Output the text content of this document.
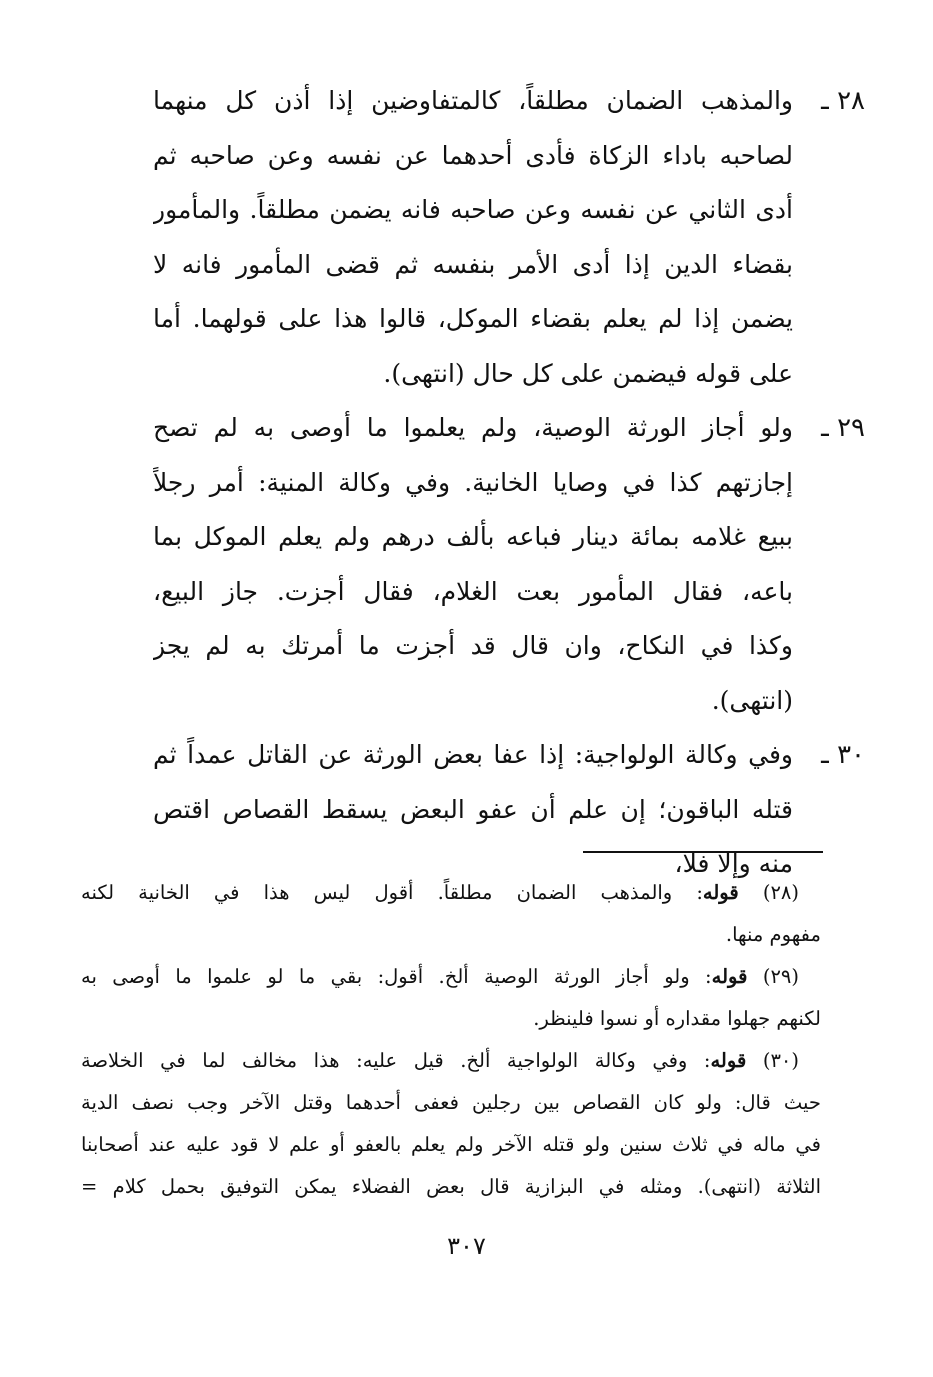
٢٨ ـ
والمذهب الضمان مطلقاً، كالمتفاوضين إذا أذن كل منهما
لصاحبه باداء الزكاة فأدى أحدهما عن نفسه وعن صاحبه ثم
أدى الثاني عن نفسه وعن صاحبه فانه يضمن مطلقاً. والمأمور
بقضاء الدين إذا أدى الأمر بنفسه ثم قضى المأمور فانه لا
يضمن إذا لم يعلم بقضاء الموكل، قالوا هذا على قولهما. أما
على قوله فيضمن على كل حال (انتهى).
٢٩ ـ
ولو أجاز الورثة الوصية، ولم يعلموا ما أوصى به لم تصح
إجازتهم كذا في وصايا الخانية. وفي وكالة المنية: أمر رجلاً
ببيع غلامه بمائة دينار فباعه بألف درهم ولم يعلم الموكل بما
باعه، فقال المأمور بعت الغلام، فقال أجزت. جاز البيع،
وكذا في النكاح، وان قال قد أجزت ما أمرتك به لم يجز
(انتهى).
٣٠ ـ
وفي وكالة الولواجية: إذا عفا بعض الورثة عن القاتل عمداً ثم
قتله الباقون؛ إن علم أن عفو البعض يسقط القصاص اقتص
منه وإلا فلا،
(٢٨) قوله: والمذهب الضمان مطلقاً. أقول ليس هذا في الخانية لكنه
مفهوم منها.
(٢٩) قوله: ولو أجاز الورثة الوصية ألخ. أقول: بقي ما لو علموا ما أوصى به
لكنهم جهلوا مقداره أو نسوا فلينظر.
(٣٠) قوله: وفي وكالة الولواجية ألخ. قيل عليه: هذا مخالف لما في الخلاصة
حيث قال: ولو كان القصاص بين رجلين فعفى أحدهما وقتل الآخر وجب نصف الدية
في ماله في ثلاث سنين ولو قتله الآخر ولم يعلم بالعفو أو علم لا قود عليه عند أصحابنا
الثلاثة (انتهى). ومثله في البزازية قال بعض الفضلاء يمكن التوفيق بحمل كلام =
٣٠٧
